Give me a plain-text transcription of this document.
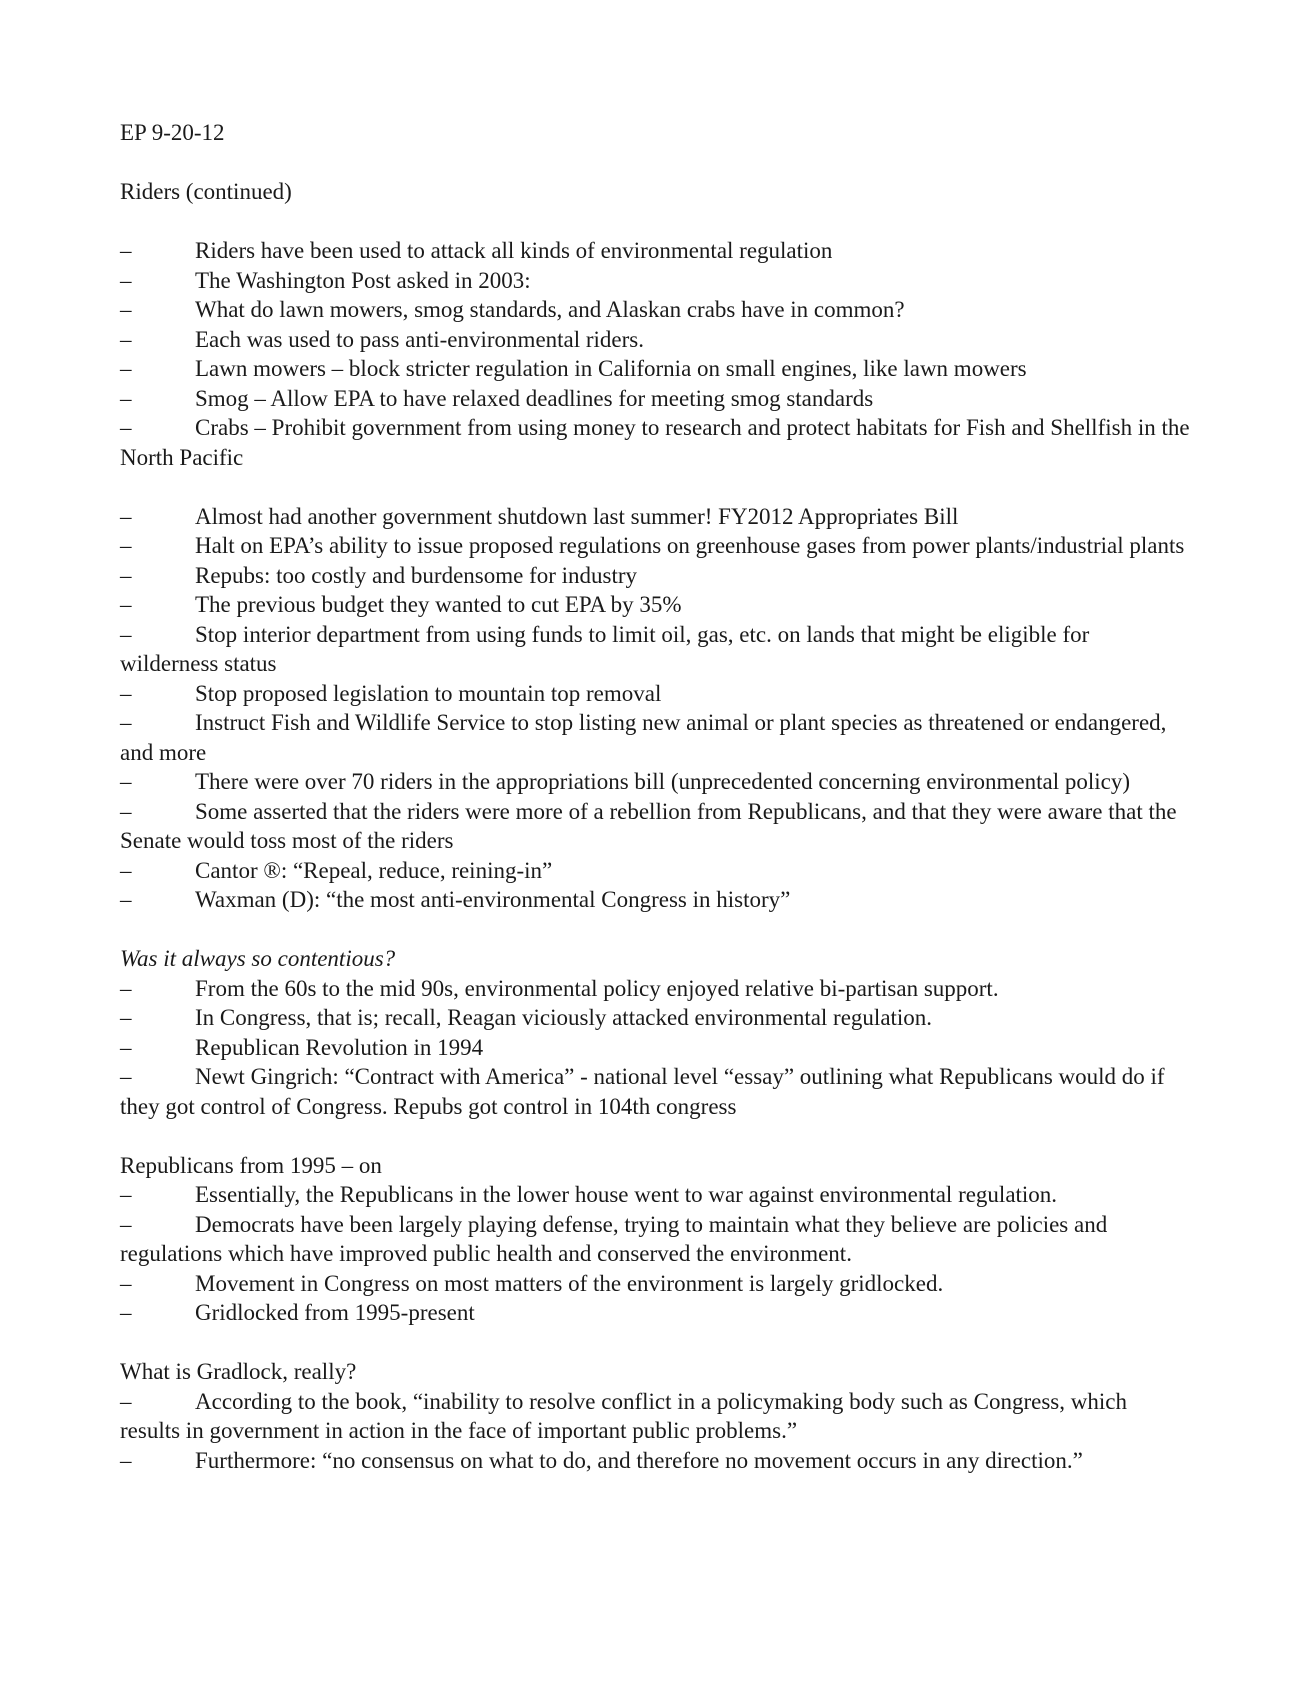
EP 9-20-12

Riders (continued)

–	Riders have been used to attack all kinds of environmental regulation

–	The Washington Post asked in 2003:

–	What do lawn mowers, smog standards, and Alaskan crabs have in common?

–	Each was used to pass anti-environmental riders.

–	Lawn mowers – block stricter regulation in California on small engines, like lawn mowers

–	Smog – Allow EPA to have relaxed deadlines for meeting smog standards

–	Crabs – Prohibit government from using money to research and protect habitats for Fish and Shellfish in the North Pacific

–	Almost had another government shutdown last summer! FY2012 Appropriates Bill

–	Halt on EPA’s ability to issue proposed regulations on greenhouse gases from power plants/industrial plants

–	Repubs: too costly and burdensome for industry

–	The previous budget they wanted to cut EPA by 35%

–	Stop interior department from using funds to limit oil, gas, etc. on lands that might be eligible for wilderness status

–	Stop proposed legislation to mountain top removal

–	Instruct Fish and Wildlife Service to stop listing new animal or plant species as threatened or endangered, and more

–	There were over 70 riders in the appropriations bill (unprecedented concerning environmental policy)

–	Some asserted that the riders were more of a rebellion from Republicans, and that they were aware that the Senate would toss most of the riders

–	Cantor ®: “Repeal, reduce, reining-in”

–	Waxman (D): “the most anti-environmental Congress in history”

Was it always so contentious?

–	From the 60s to the mid 90s, environmental policy enjoyed relative bi-partisan support.

–	In Congress, that is; recall, Reagan viciously attacked environmental regulation.

–	Republican Revolution in 1994

–	Newt Gingrich: “Contract with America” - national level “essay” outlining what Republicans would do if they got control of Congress. Repubs got control in 104th congress

Republicans from 1995 – on

–	Essentially, the Republicans in the lower house went to war against environmental regulation.

–	Democrats have been largely playing defense, trying to maintain what they believe are policies and regulations which have improved public health and conserved the environment.

–	Movement in Congress on most matters of the environment is largely gridlocked.

–	Gridlocked from 1995-present

What is Gradlock, really?

–	According to the book, “inability to resolve conflict in a policymaking body such as Congress, which results in government in action in the face of important public problems.”

–	Furthermore: “no consensus on what to do, and therefore no movement occurs in any direction.”
